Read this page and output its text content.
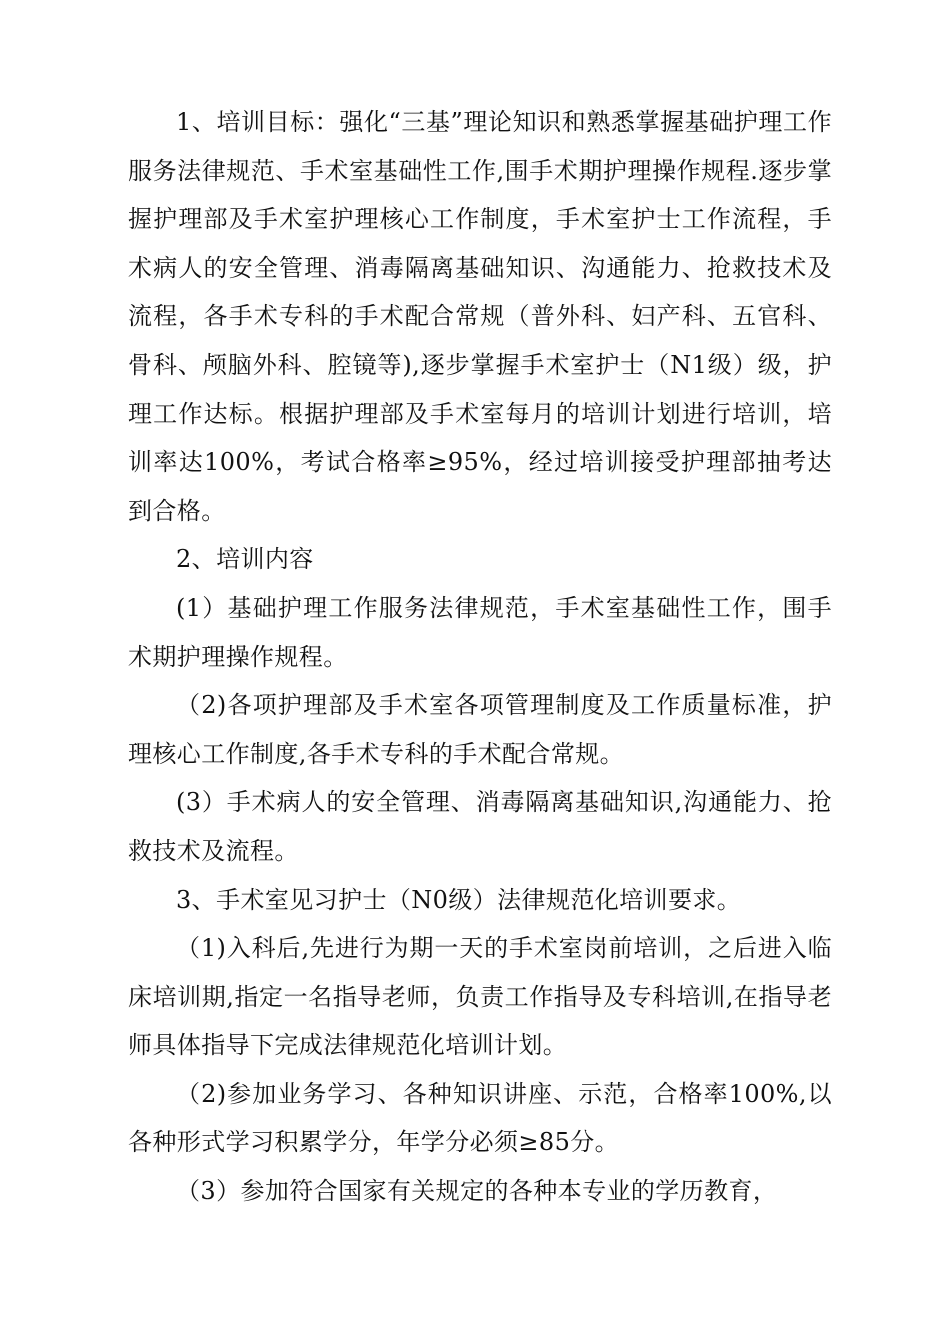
1、培训目标：强化“三基”理论知识和熟悉掌握基础护理工作服务法律规范、手术室基础性工作,围手术期护理操作规程.逐步掌握护理部及手术室护理核心工作制度，手术室护士工作流程，手术病人的安全管理、消毒隔离基础知识、沟通能力、抢救技术及流程，各手术专科的手术配合常规（普外科、妇产科、五官科、骨科、颅脑外科、腔镜等),逐步掌握手术室护士（N1级）级，护理工作达标。根据护理部及手术室每月的培训计划进行培训，培训率达100%，考试合格率≥95%，经过培训接受护理部抽考达到合格。

2、培训内容

(1）基础护理工作服务法律规范，手术室基础性工作，围手术期护理操作规程。

（2)各项护理部及手术室各项管理制度及工作质量标准，护理核心工作制度,各手术专科的手术配合常规。

(3）手术病人的安全管理、消毒隔离基础知识,沟通能力、抢救技术及流程。

3、手术室见习护士（N0级）法律规范化培训要求。

（1)入科后,先进行为期一天的手术室岗前培训，之后进入临床培训期,指定一名指导老师，负责工作指导及专科培训,在指导老师具体指导下完成法律规范化培训计划。

（2)参加业务学习、各种知识讲座、示范，合格率100%,以各种形式学习积累学分，年学分必须≥85分。

（3）参加符合国家有关规定的各种本专业的学历教育，
